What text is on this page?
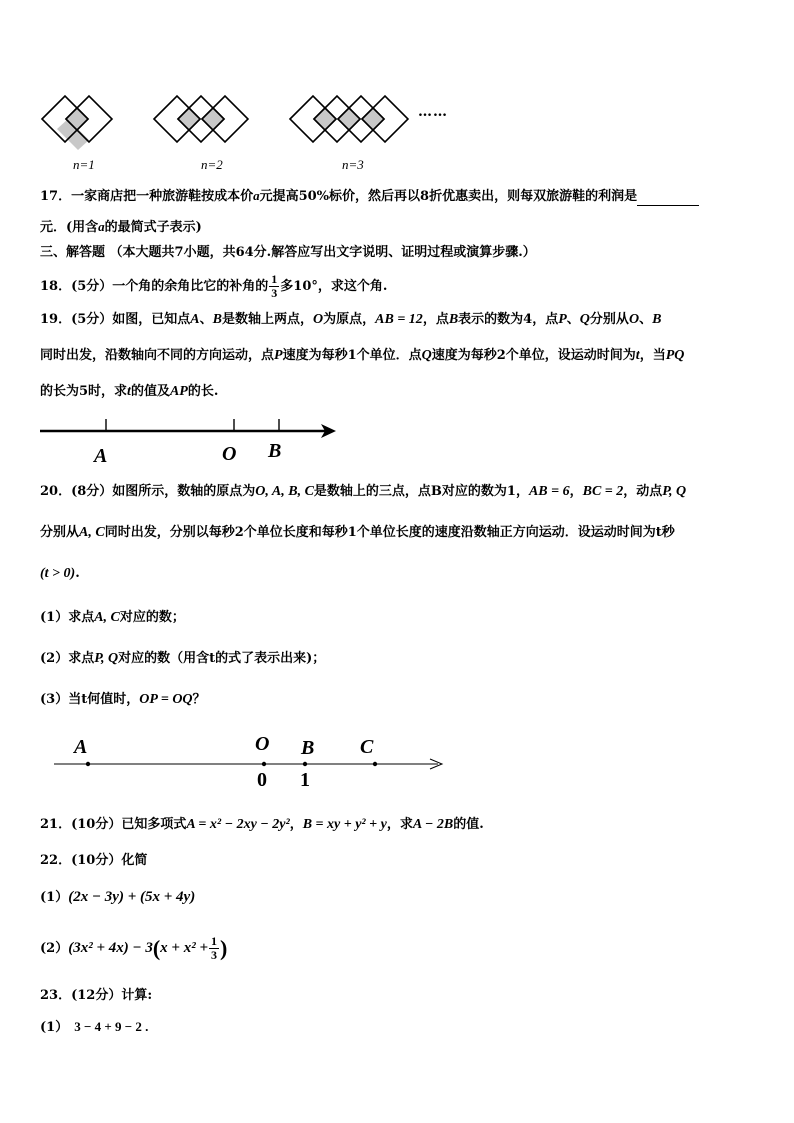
……
n=1	n=2	n=3
17．一家商店把一种旅游鞋按成本价a元提高50%标价，然后再以8折优惠卖出，则每双旅游鞋的利润是
元．(用含a的最简式子表示)
三、解答题 （本大题共7小题，共64分.解答应写出文字说明、证明过程或演算步骤.）
18．(5分）一个角的余角比它的补角的 $\frac{1}{3}$ 多10°，求这个角.
19．(5分）如图，已知点A、B是数轴上两点，O为原点，AB = 12，点B表示的数为4，点P、Q分别从O、B
同时出发，沿数轴向不同的方向运动，点P速度为每秒1个单位．点Q速度为每秒2个单位，设运动时间为t，当PQ
的长为5时，求t的值及AP的长.
A	O B
20．(8分）如图所示，数轴的原点为O, A, B, C是数轴上的三点，点B对应的数为1，AB = 6，BC = 2，动点P, Q
分别从A, C同时出发，分别以每秒2个单位长度和每秒1个单位长度的速度沿数轴正方向运动．设运动时间为t秒
(t > 0).
(1）求点A, C对应的数；
(2）求点P, Q对应的数（用含t的式了表示出来)；
(3）当t何值时，OP = OQ？
A	O B C
0 1
21．(10分）已知多项式A = x² − 2xy − 2y²，B = xy + y² + y，求A − 2B的值.
22．(10分）化简
(1）(2x − 3y) + (5x + 4y)
$(2)(3x^2 + 4x) - 3(x + x^2 + \frac{1}{3}$ )
23．(12分）计算:
(1） 3 − 4 + 9 − 2 .
